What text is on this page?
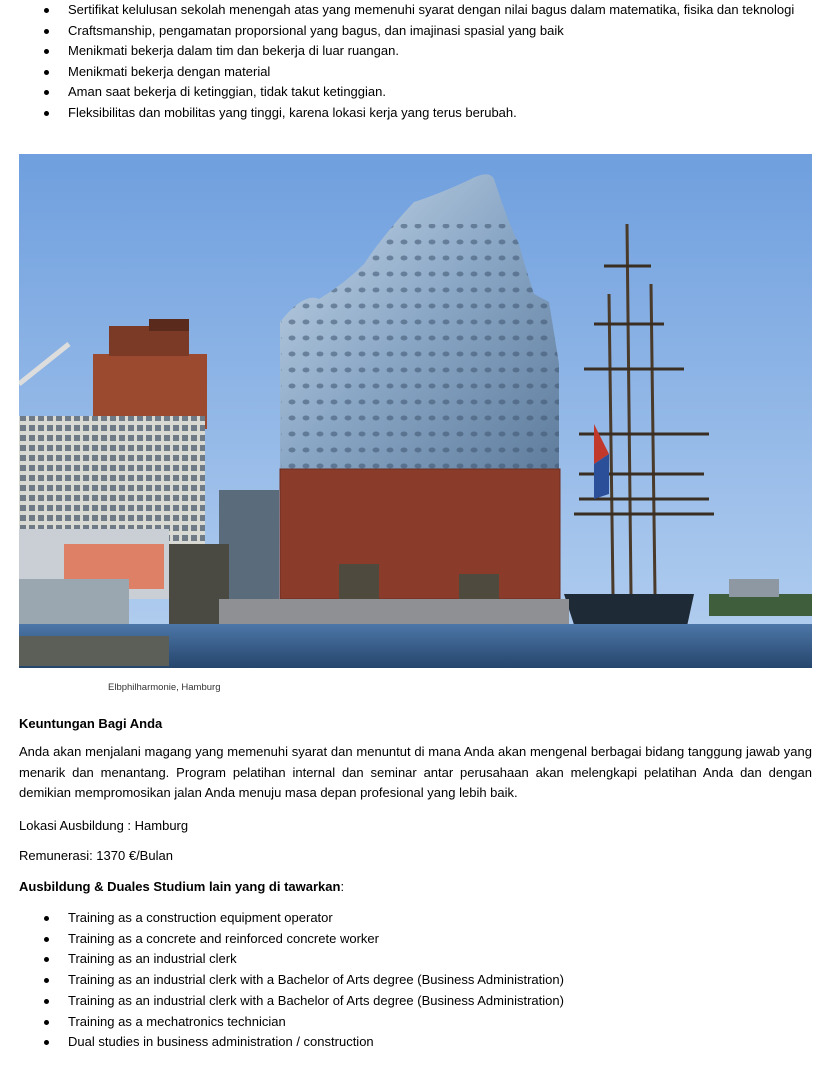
Sertifikat kelulusan sekolah menengah atas yang memenuhi syarat dengan nilai bagus dalam matematika, fisika dan teknologi
Craftsmanship, pengamatan proporsional yang bagus, dan imajinasi spasial yang baik
Menikmati bekerja dalam tim dan bekerja di luar ruangan.
Menikmati bekerja dengan material
Aman saat bekerja di ketinggian, tidak takut ketinggian.
Fleksibilitas dan mobilitas yang tinggi, karena lokasi kerja yang terus berubah.
Elbphilharmonie, Hamburg
Keuntungan Bagi Anda
Anda akan menjalani magang yang memenuhi syarat dan menuntut di mana Anda akan mengenal berbagai bidang tanggung jawab yang menarik dan menantang. Program pelatihan internal dan seminar antar perusahaan akan melengkapi pelatihan Anda dan dengan demikian mempromosikan jalan Anda menuju masa depan profesional yang lebih baik.
Lokasi Ausbildung : Hamburg
Remunerasi: 1370 €/Bulan
Ausbildung & Duales Studium lain yang di tawarkan:
Training as a construction equipment operator
Training as a concrete and reinforced concrete worker
Training as an industrial clerk
Training as an industrial clerk with a Bachelor of Arts degree (Business Administration)
Training as an industrial clerk with a Bachelor of Arts degree (Business Administration)
Training as a mechatronics technician
Dual studies in business administration / construction
